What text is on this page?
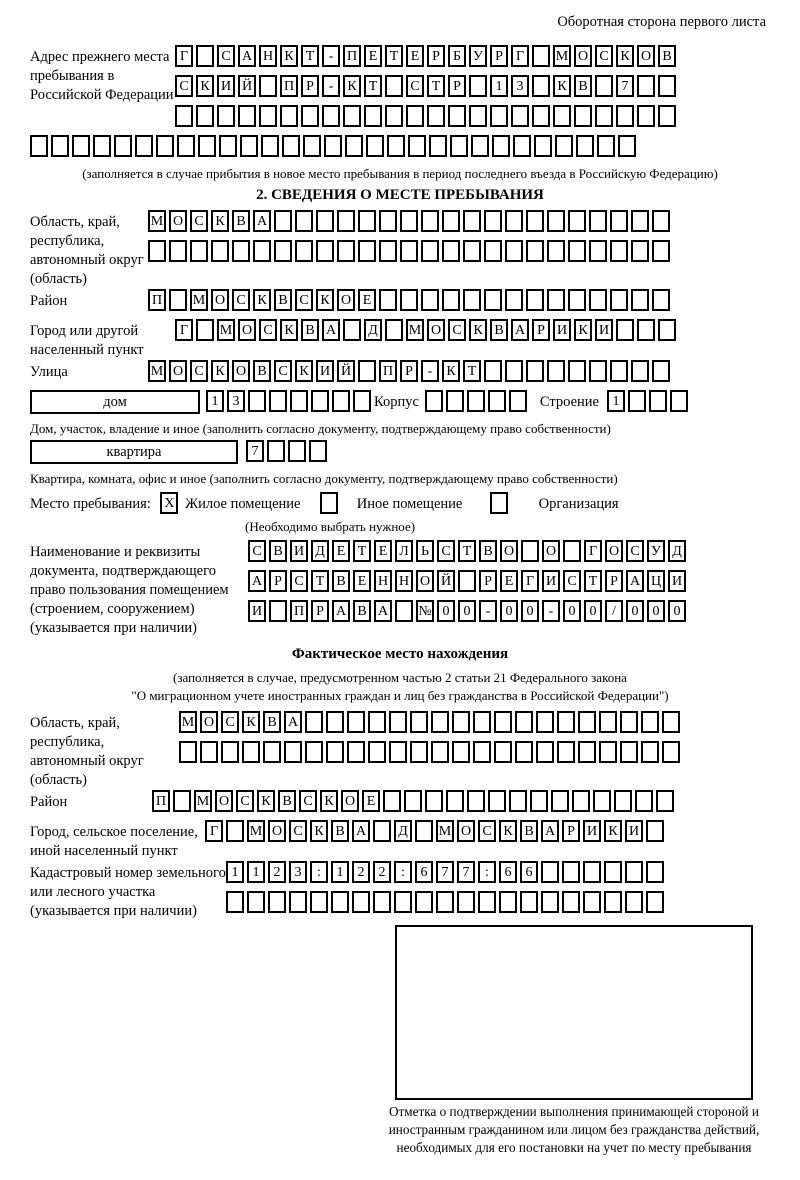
Оборотная сторона первого листа
Адрес прежнего места пребывания в Российской Федерации
Г С А Н К Т - П Е Т Е Р Б У Р Г М О С К О В
С К И Й П Р - К Т С Т Р 1 3 К В 7
(заполняется в случае прибытия в новое место пребывания в период последнего въезда в Российскую Федерацию)
2. СВЕДЕНИЯ О МЕСТЕ ПРЕБЫВАНИЯ
Область, край, республика, автономный округ (область)
М О С К В А
Район	П М О С К В С К О Е
Город или другой населенный пункт
Г М О С К В А Д М О С К В А Р И К И
Улица	М О С К О В С К И Й П Р - К Т
дом	1 3	Корпус	Строение 1
Дом, участок, владение и иное (заполнить согласно документу, подтверждающему право собственности)
квартира	7
Квартира, комната, офис и иное (заполнить согласно документу, подтверждающему право собственности)
Место пребывания: X Жилое помещение	Иное помещение	Организация
(Необходимо выбрать нужное)
Наименование и реквизиты документа, подтверждающего право пользования помещением (строением, сооружением) (указывается при наличии)
С В И Д Е Т Е Л Ь С Т В О О Г О С У Д
А Р С Т В Е Н Н О Й Р Е Г И С Т Р А Ц И
И П Р А В А № 0 0 - 0 0 - 0 0 / 0 0 0
Фактическое место нахождения
(заполняется в случае, предусмотренном частью 2 статьи 21 Федерального закона
"О миграционном учете иностранных граждан и лиц без гражданства в Российской Федерации")
Область, край, республика, автономный округ (область)
М О С К В А
Район	П М О С К В С К О Е
Город, сельское поселение, иной населенный пункт
Г М О С К В А Д М О С К В А Р И К И
Кадастровый номер земельного или лесного участка (указывается при наличии)
1 1 2 3 : 1 2 2 : 6 7 7 : 6 6
Отметка о подтверждении выполнения принимающей стороной и иностранным гражданином или лицом без гражданства действий, необходимых для его постановки на учет по месту пребывания
